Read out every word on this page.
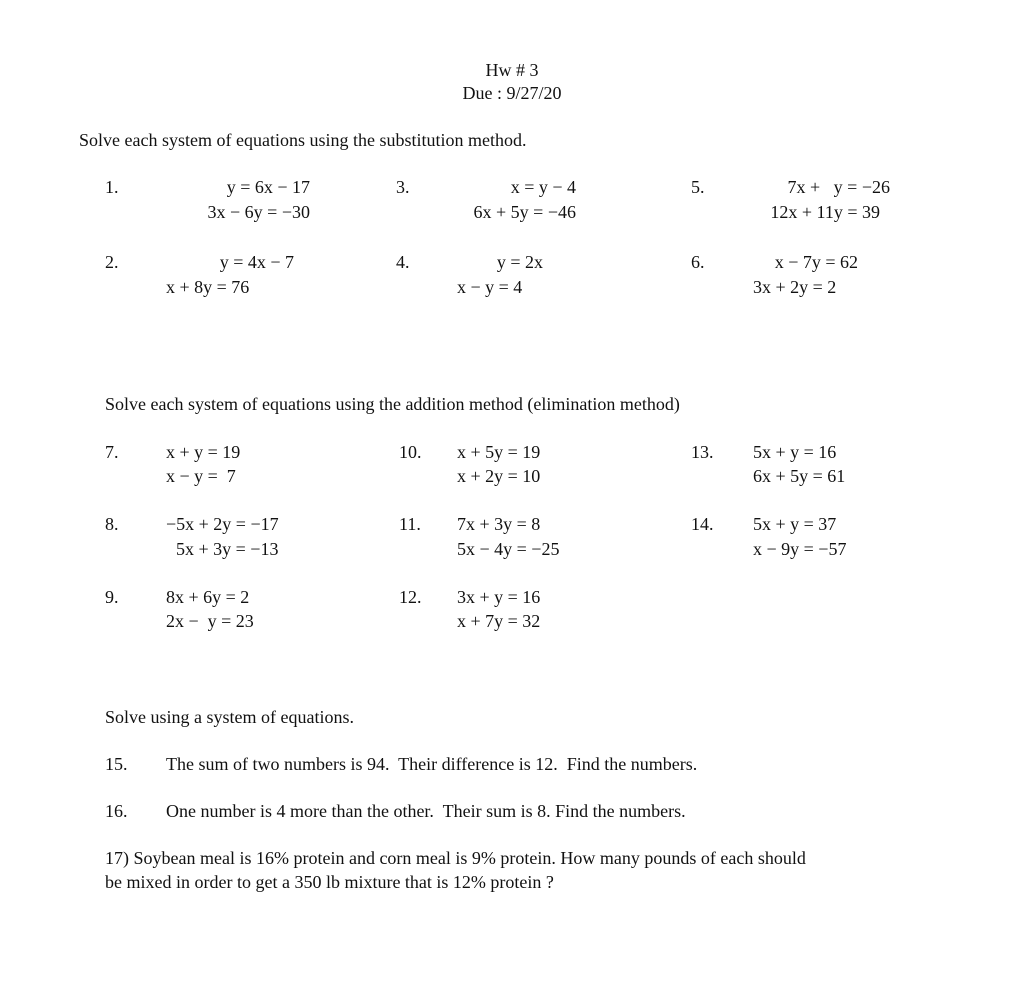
Hw # 3
Due : 9/27/20
Solve each system of equations using the substitution method.
1.	y = 6x − 17
3x − 6y = −30
2.	y = 4x − 7
x + 8y = 76
3.	x = y − 4
6x + 5y = −46
4.	y = 2x
x − y = 4
5.	7x +   y = −26
12x + 11y = 39
6.	x − 7y = 62
3x + 2y = 2
Solve each system of equations using the addition method (elimination method)
7.	x + y = 19
x − y =  7
8.	−5x + 2y = −17
5x + 3y = −13
9.	8x + 6y = 2
2x −  y = 23
10. x + 5y = 19
x + 2y = 10
11. 7x + 3y = 8
5x − 4y = −25
12. 3x + y = 16
x + 7y = 32
13. 5x + y = 16
6x + 5y = 61
14. 5x + y = 37
x − 9y = −57
Solve using a system of equations.
15. The sum of two numbers is 94.  Their difference is 12.  Find the numbers.
16. One number is 4 more than the other.  Their sum is 8. Find the numbers.
17) Soybean meal is 16% protein and corn meal is 9% protein. How many pounds of each should
be mixed in order to get a 350 lb mixture that is 12% protein ?
